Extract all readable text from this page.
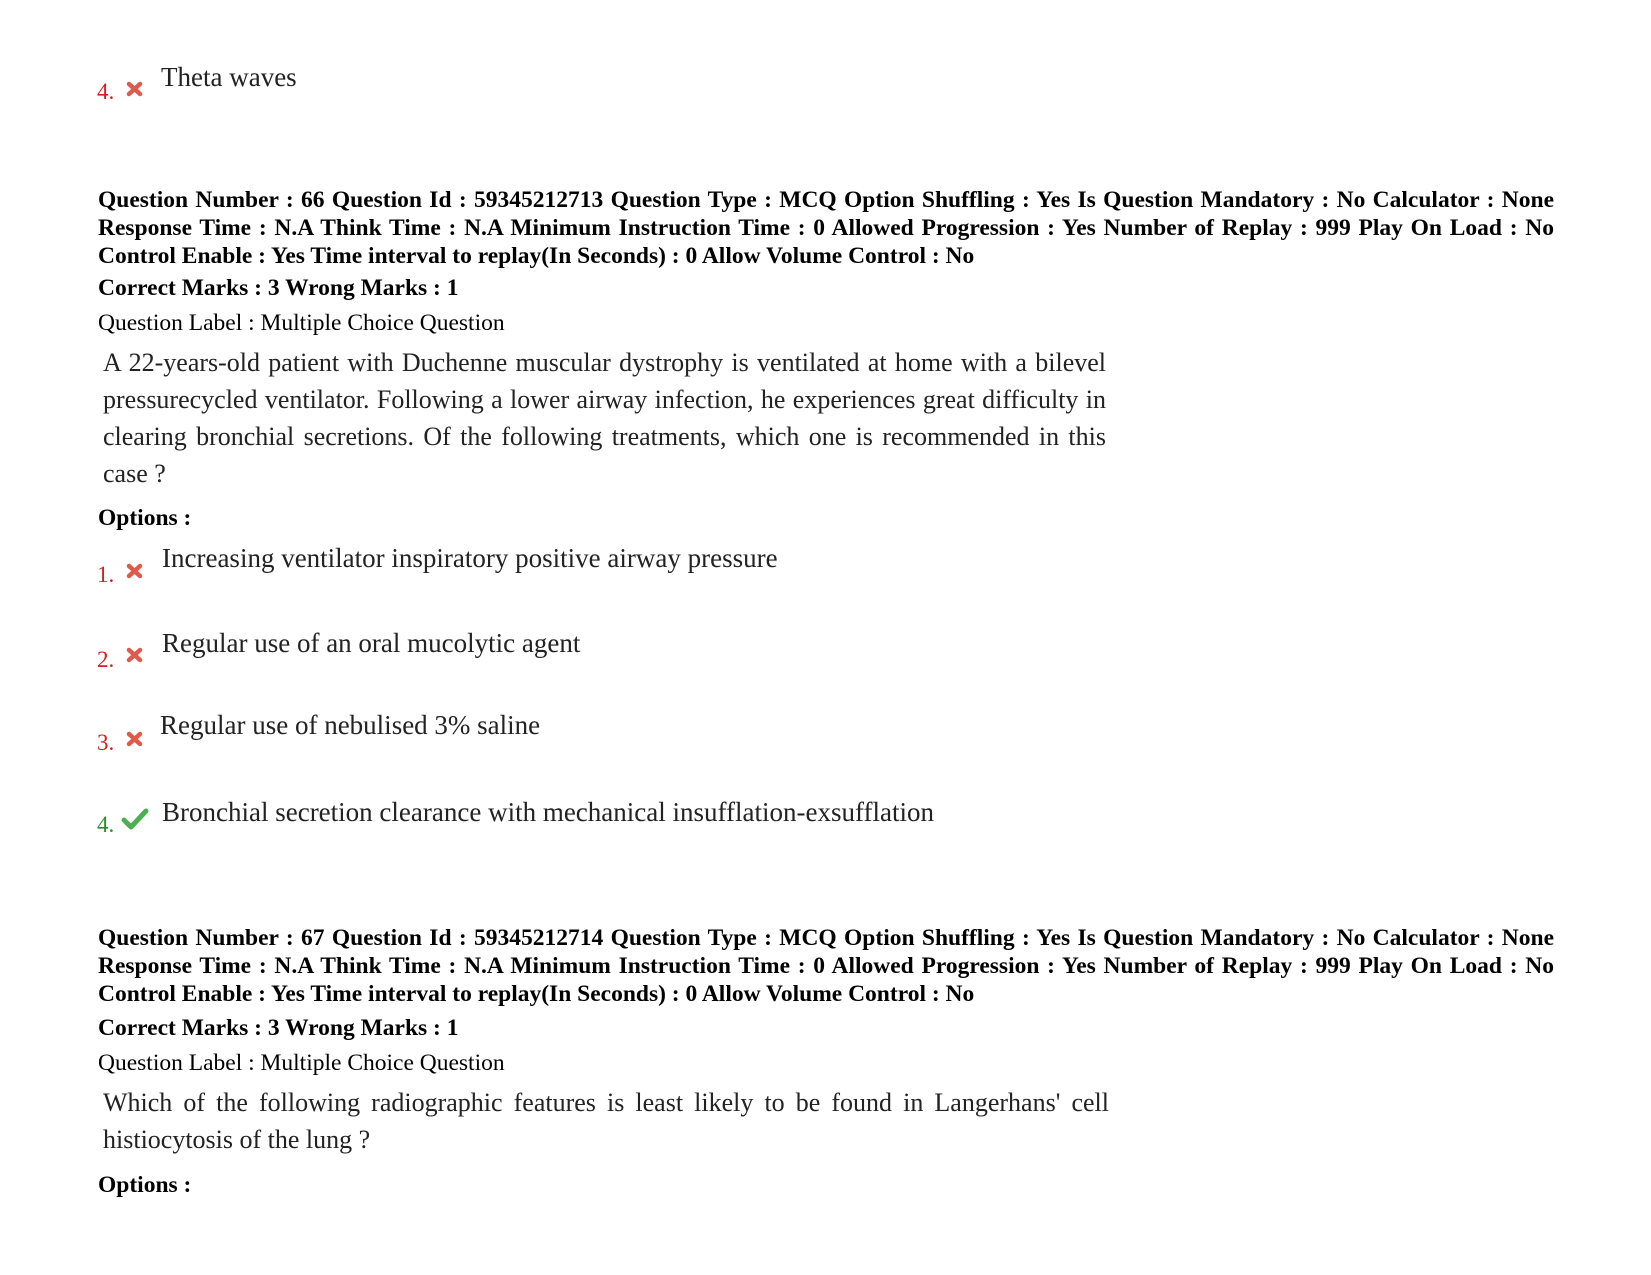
4. Theta waves
Question Number : 66 Question Id : 59345212713 Question Type : MCQ Option Shuffling : Yes Is Question Mandatory : No Calculator : None Response Time : N.A Think Time : N.A Minimum Instruction Time : 0 Allowed Progression : Yes Number of Replay : 999 Play On Load : No Control Enable : Yes Time interval to replay(In Seconds) : 0 Allow Volume Control : No
Correct Marks : 3 Wrong Marks : 1
Question Label : Multiple Choice Question
A 22-years-old patient with Duchenne muscular dystrophy is ventilated at home with a bilevel pressurecycled ventilator. Following a lower airway infection, he experiences great difficulty in clearing bronchial secretions. Of the following treatments, which one is recommended in this case ?
Options :
1.
Increasing ventilator inspiratory positive airway pressure
2.
Regular use of an oral mucolytic agent
3.
Regular use of nebulised 3% saline
4. Bronchial secretion clearance with mechanical insufflation-exsufflation
Question Number : 67 Question Id : 59345212714 Question Type : MCQ Option Shuffling : Yes Is Question Mandatory : No Calculator : None Response Time : N.A Think Time : N.A Minimum Instruction Time : 0 Allowed Progression : Yes Number of Replay : 999 Play On Load : No Control Enable : Yes Time interval to replay(In Seconds) : 0 Allow Volume Control : No
Correct Marks : 3 Wrong Marks : 1
Question Label : Multiple Choice Question
Which of the following radiographic features is least likely to be found in Langerhans' cell histiocytosis of the lung ?
Options :
